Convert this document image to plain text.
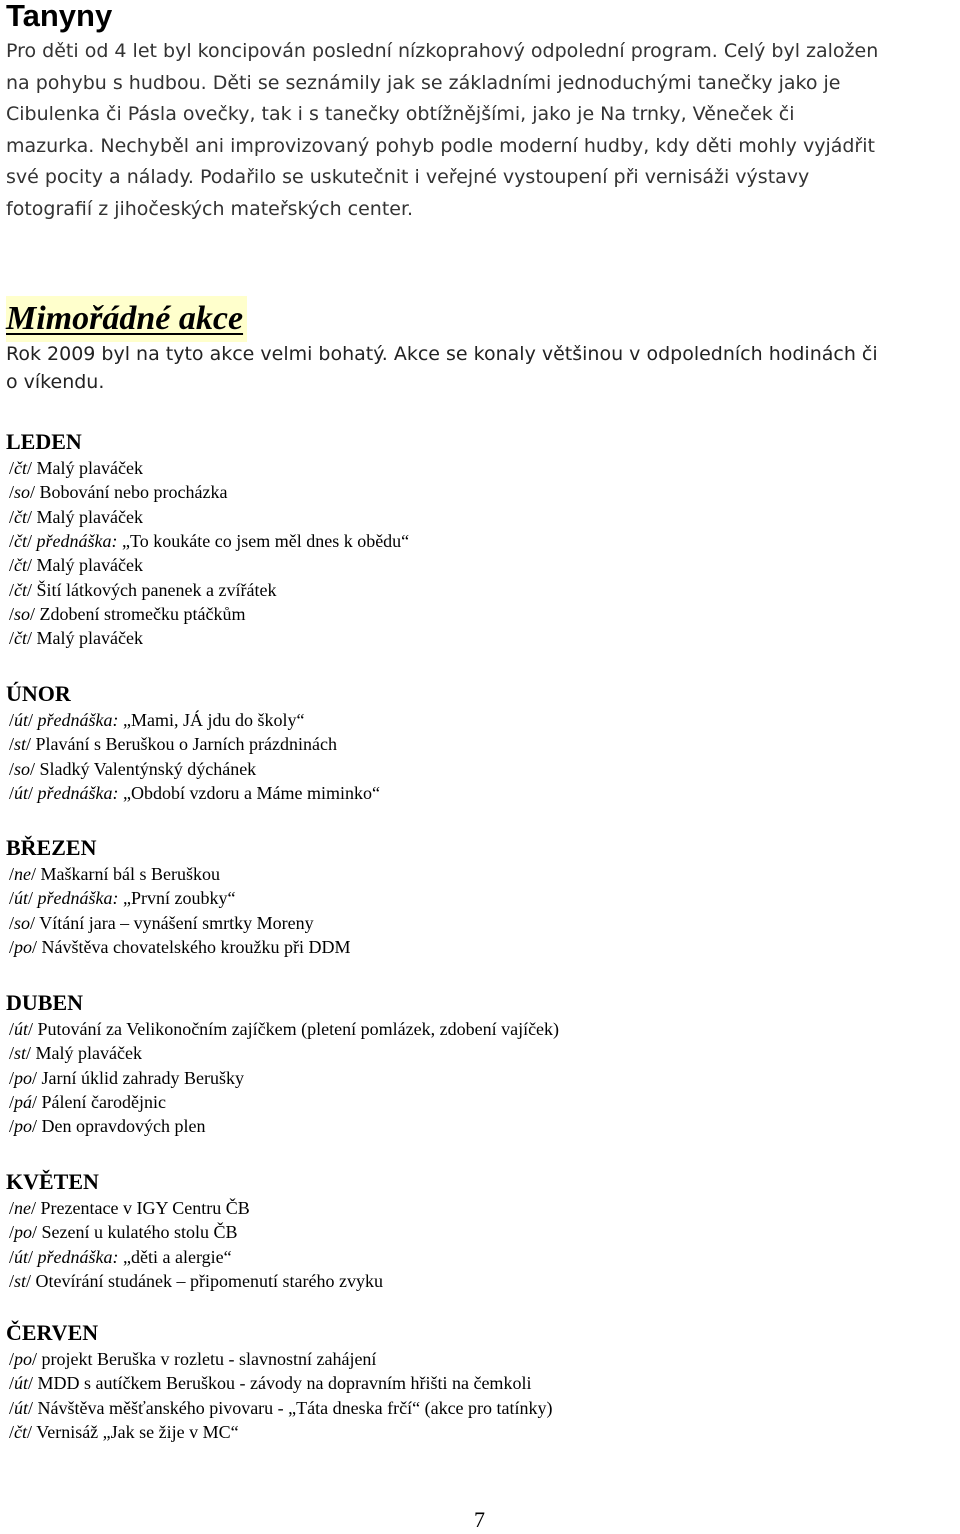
Tanyny

Pro děti od 4 let byl koncipován poslední nízkoprahový odpolední program. Celý byl založen
na pohybu s hudbou. Děti se seznámily jak se základními jednoduchými tanečky jako je
Cibulenka či Pásla ovečky, tak i s tanečky obtížnějšími, jako je Na trnky, Věneček či
mazurka. Nechyběl ani improvizovaný pohyb podle moderní hudby, kdy děti mohly vyjádřit
své pocity a nálady. Podařilo se uskutečnit i veřejné vystoupení při vernisáži výstavy
fotografií z jihočeských mateřských center.

Mimořádné akce

Rok 2009 byl na tyto akce velmi bohatý. Akce se konaly většinou v odpoledních hodinách či
o víkendu.

LEDEN
/čt/ Malý plaváček
/so/ Bobování nebo procházka
/čt/ Malý plaváček
/čt/ přednáška: „To koukáte co jsem měl dnes k obědu“
/čt/ Malý plaváček
/čt/ Šití látkových panenek a zvířátek
/so/ Zdobení stromečku ptáčkům
/čt/ Malý plaváček
ÚNOR
/út/ přednáška: „Mami, JÁ jdu do školy“
/st/ Plavání s Beruškou o Jarních prázdninách
/so/ Sladký Valentýnský dýchánek
/út/ přednáška: „Období vzdoru a Máme miminko“
BŘEZEN
/ne/ Maškarní bál s Beruškou
/út/ přednáška: „První zoubky“
/so/ Vítání jara – vynášení smrtky Moreny
/po/ Návštěva chovatelského kroužku při DDM
DUBEN
/út/ Putování za Velikonočním zajíčkem (pletení pomlázek, zdobení vajíček)
/st/ Malý plaváček
/po/ Jarní úklid zahrady Berušky
/pá/ Pálení čarodějnic
/po/ Den opravdových plen
KVĚTEN
/ne/ Prezentace v IGY Centru ČB
/po/ Sezení u kulatého stolu ČB
/út/ přednáška: „děti a alergie“
/st/ Otevírání studánek – připomenutí starého zvyku
ČERVEN
/po/ projekt Beruška v rozletu - slavnostní zahájení
/út/ MDD s autíčkem Beruškou - závody na dopravním hřišti na čemkoli
/út/ Návštěva měšťanského pivovaru - „Táta dneska frčí“ (akce pro tatínky)
/čt/ Vernisáž „Jak se žije v MC“
7
